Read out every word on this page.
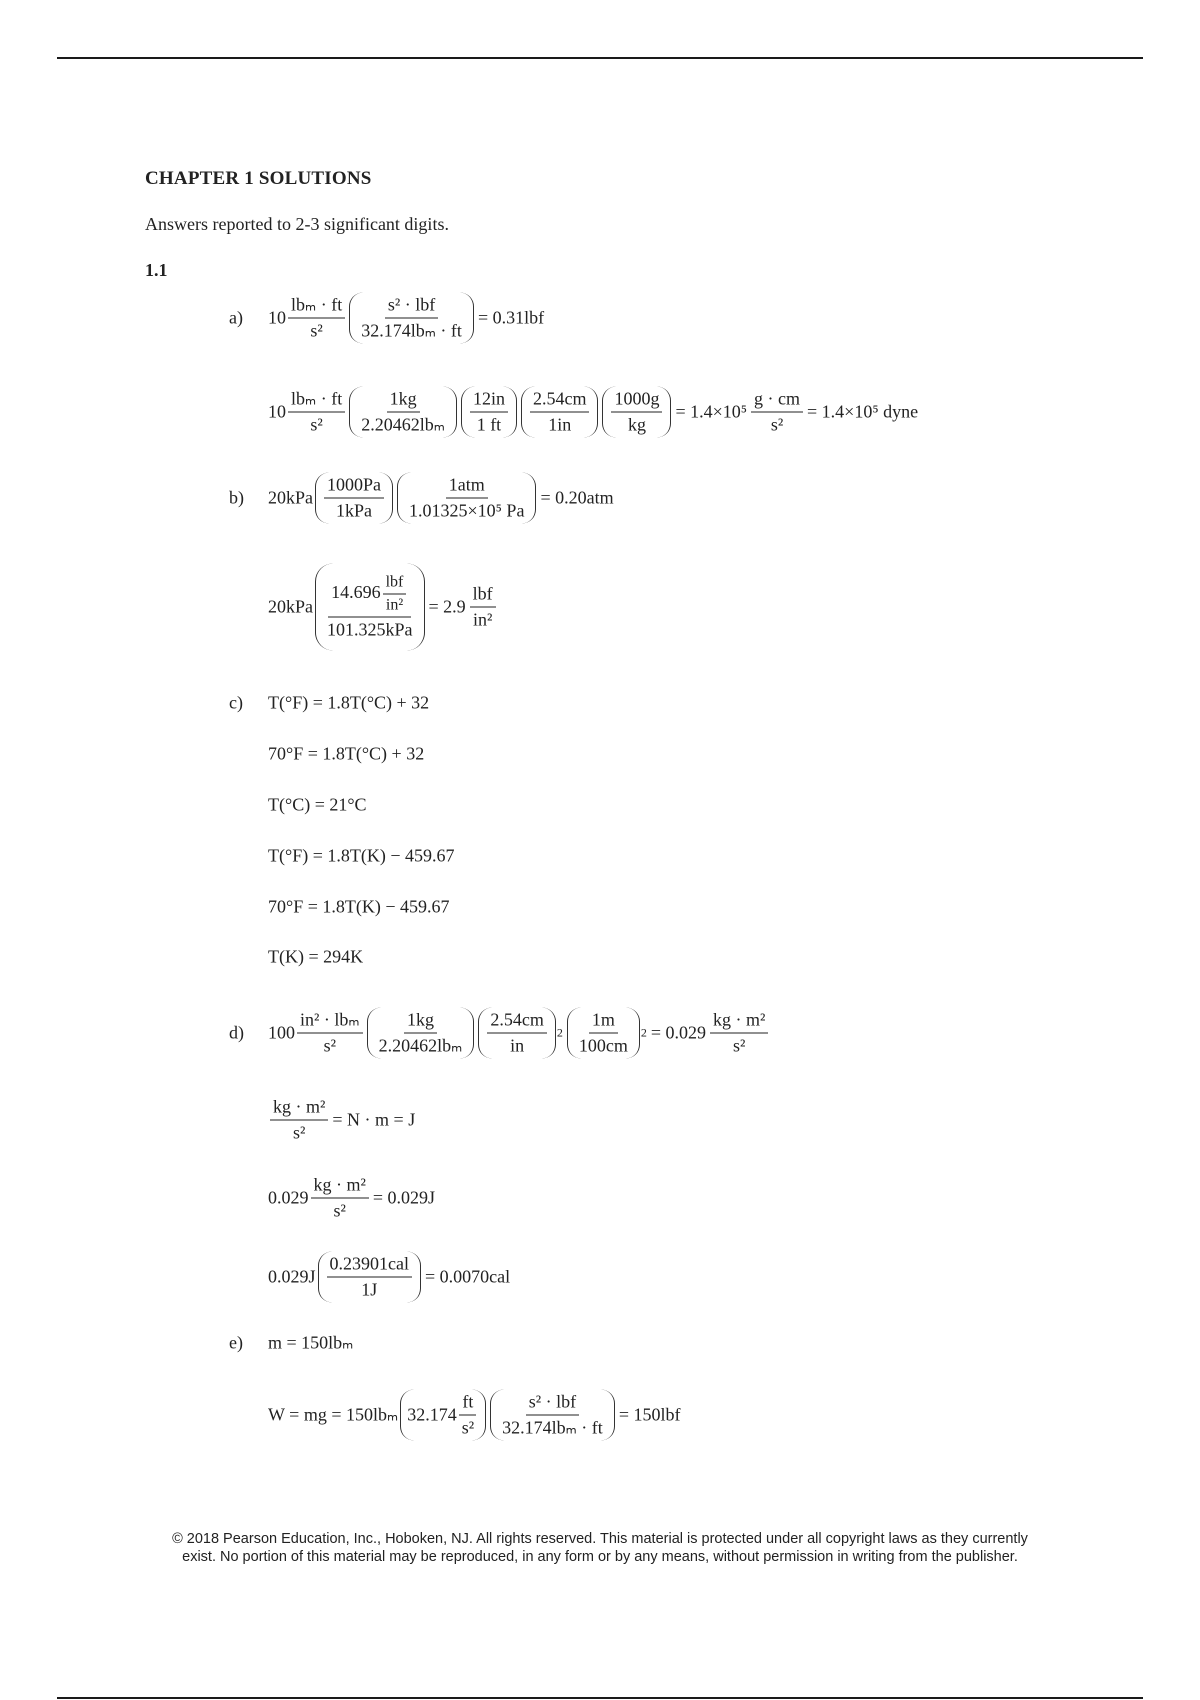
CHAPTER 1 SOLUTIONS
Answers reported to 2-3 significant digits.
1.1
a) 10
lbₘ · ft
s²
s² · lbf
32.174lbₘ · ft
= 0.31lbf
10
lbₘ · ft
s²
1kg
2.20462lbₘ
12in
1 ft
2.54cm
1in
1000g
kg
= $1.4\times 10^5 \frac{g \cdot cm}{\text{s²}} = 1.4\times 10^5$ dyne
b) 20kPa
1000Pa
1kPa
1atm
1.01325×10⁵ Pa
= 0.20atm
20kPa
14.696
lbf
in²
101.325kPa
= 2.9
lbf
in²
c) T(°F) = 1.8T(°C) + 32
70°F = 1.8T(°C) + 32
T(°C) = 21°C
T(°F) = 1.8T(K) − 459.67
70°F = 1.8T(K) − 459.67
T(K) = 294K
d) 100
in² · lbₘ
s²
1kg
2.20462lbₘ
2.54cm
in
2
1m
100cm
2 = 0.029
kg · m²
s²
$\frac{\text{kg · m²}}{\text{s²}} = N \cdot m = J$
$0.029 \frac{\text{kg · m²}}{\text{s²}} = 0.029J$
0.029J
0.23901cal
1J
= 0.0070cal
e) m = 150lbₘ
W = mg = 150lbₘ 32.174
ft
s²
s² · lbf
32.174lbₘ · ft
= 150lbf
© 2018 Pearson Education, Inc., Hoboken, NJ. All rights reserved. This material is protected under all copyright laws as they currently
exist. No portion of this material may be reproduced, in any form or by any means, without permission in writing from the publisher.
